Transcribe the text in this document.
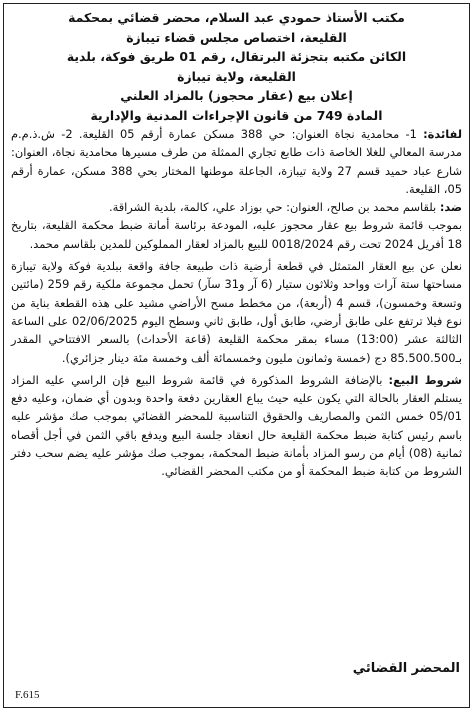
مكتب الأستاذ حمودي عبد السلام، محضر قضائي بمحكمة

القليعة، اختصاص مجلس قضاء تيبازة

الكائن مكتبه بتجزئة البرتقال، رقم 01 طريق فوكة، بلدية

القليعة، ولاية تيبازة

إعلان بيع (عقار محجوز) بالمزاد العلني

المادة 749 من قانون الإجراءات المدنية والإدارية

لفائدة: 1- محامدية نجاة العنوان: حي 388 مسكن عمارة أرقم 05 القليعة. 2- ش.ذ.م.م مدرسة المعالي للغلا الخاصة ذات طابع تجاري الممثلة من طرف مسيرها محامدية نجاة، العنوان: شارع عباد حميد قسم 27 ولاية تيبازة، الجاعلة موطنها المختار بحي 388 مسكن، عمارة أرقم 05، القليعة.

ضد: بلقاسم محمد بن صالح، العنوان: حي بوزاد علي، كالمة، بلدية الشراقة.

بموجب قائمة شروط بيع عقار محجوز عليه، المودعة برئاسة أمانة ضبط محكمة القليعة، بتاريخ 18 أفريل 2024 تحت رقم 0018/2024 للبيع بالمزاد لعقار المملوكين للمدين بلقاسم محمد.

نعلن عن بيع العقار المتمثل في قطعة أرضية ذات طبيعة جافة واقعة ببلدية فوكة ولاية تيبازة مساحتها ستة آرات وواحد وثلاثون ستيار (6 آر و31 سآر) تحمل مجموعة ملكية رقم 259 (مائتين وتسعة وخمسون)، قسم 4 (أربعة)، من مخطط مسح الأراضي مشيد على هذه القطعة بناية من نوع فيلا ترتفع على طابق أرضي، طابق أول، طابق ثاني وسطح اليوم 02/06/2025 على الساعة الثالثة عشر (13:00) مساء بمقر محكمة القليعة (قاعة الأحداث) بالسعر الافتتاحي المقدر بـ85.500.500 دج (خمسة وثمانون مليون وخمسمائة ألف وخمسة مئة دينار جزائري).

شروط البيع: بالإضافة الشروط المذكورة في قائمة شروط البيع فإن الراسي عليه المزاد يستلم العقار بالحالة التي يكون عليه حيث يباع العقارين دفعة واحدة وبدون أي ضمان، وعليه دفع 05/01 خمس الثمن والمصاريف والحقوق التناسبية للمحضر القضائي بموجب صك مؤشر عليه باسم رئيس كتابة ضبط محكمة القليعة حال انعقاد جلسة البيع ويدفع باقي الثمن في أجل أقصاه ثمانية (08) أيام من رسو المزاد بأمانة ضبط المحكمة، بموجب صك مؤشر عليه يضم سحب دفتر الشروط من كتابة ضبط المحكمة أو من مكتب المحضر القضائي.

المحضر القضائي
F.615
